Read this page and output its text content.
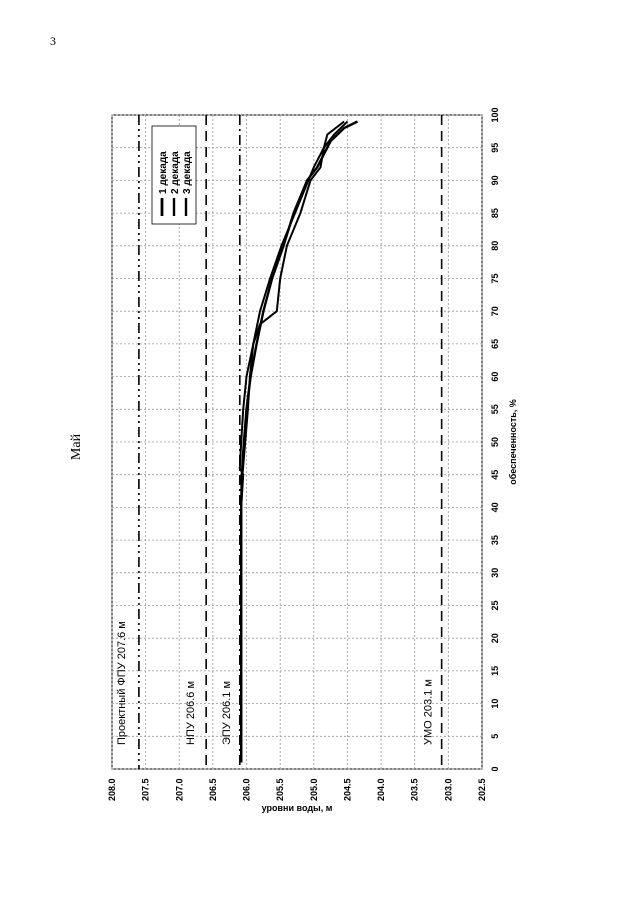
3
Май
202.5
203.0
203.5
204.0
204.5
205.0
205.5
206.0
206.5
207.0
207.5
208.0
0
5
10
15
20
25
30
35
40
45
50
55
60
65
70
75
80
85
90
95
100
уровни воды, м
обеспеченность, %
Проектный ФПУ 207.6 м	НПУ 206.6 м ЭПУ 206.1 м	УМО 203.1 м
1 декада 2 декада 3 декада
